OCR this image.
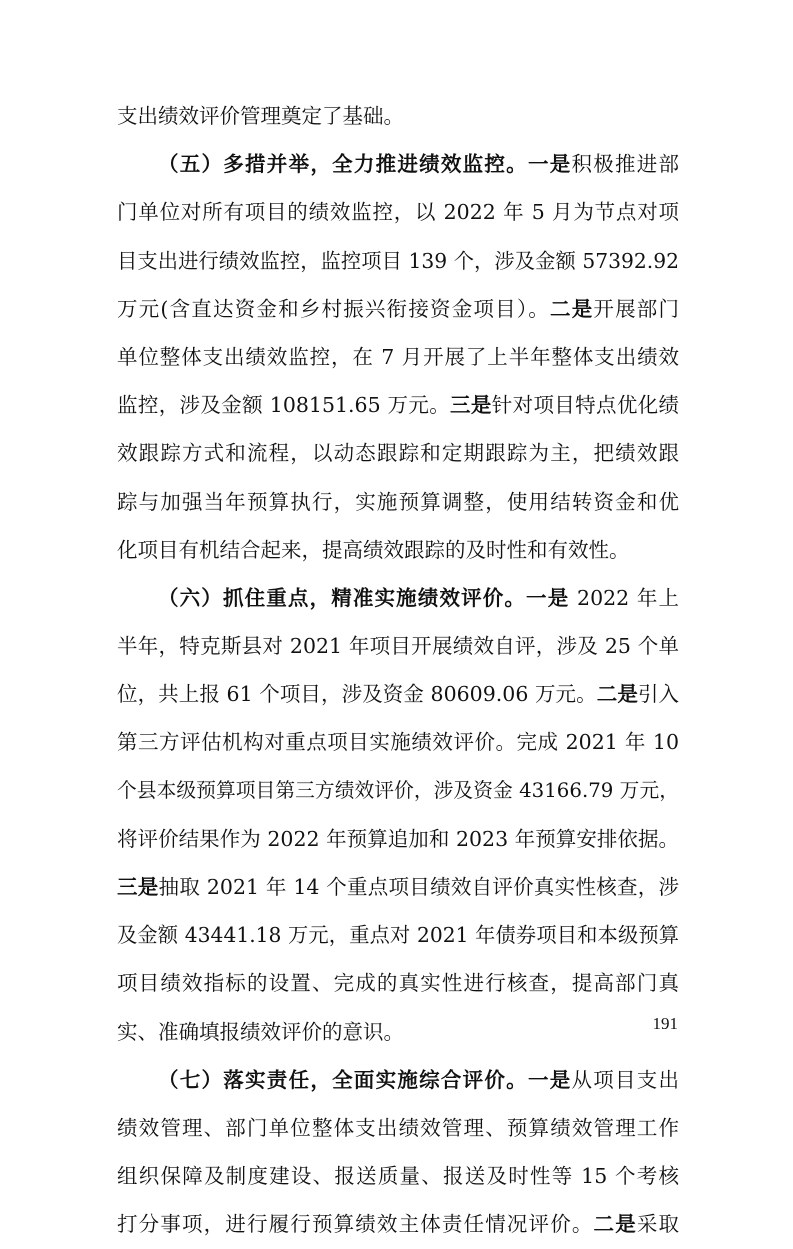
支出绩效评价管理奠定了基础。
（五）多措并举，全力推进绩效监控。一是积极推进部
门单位对所有项目的绩效监控，以 2022 年 5 月为节点对项
目支出进行绩效监控，监控项目 139 个，涉及金额 57392.92
万元(含直达资金和乡村振兴衔接资金项目）。二是开展部门
单位整体支出绩效监控，在 7 月开展了上半年整体支出绩效
监控，涉及金额 108151.65 万元。三是针对项目特点优化绩
效跟踪方式和流程，以动态跟踪和定期跟踪为主，把绩效跟
踪与加强当年预算执行，实施预算调整，使用结转资金和优
化项目有机结合起来，提高绩效跟踪的及时性和有效性。
（六）抓住重点，精准实施绩效评价。一是 2022 年上
半年，特克斯县对 2021 年项目开展绩效自评，涉及 25 个单
位，共上报 61 个项目，涉及资金 80609.06 万元。二是引入
第三方评估机构对重点项目实施绩效评价。完成 2021 年 10
个县本级预算项目第三方绩效评价，涉及资金 43166.79 万元，
将评价结果作为 2022 年预算追加和 2023 年预算安排依据。
三是抽取 2021 年 14 个重点项目绩效自评价真实性核查，涉
及金额 43441.18 万元，重点对 2021 年债券项目和本级预算
项目绩效指标的设置、完成的真实性进行核查，提高部门真
实、准确填报绩效评价的意识。
（七）落实责任，全面实施综合评价。一是从项目支出
绩效管理、部门单位整体支出绩效管理、预算绩效管理工作
组织保障及制度建设、报送质量、报送及时性等 15 个考核
打分事项，进行履行预算绩效主体责任情况评价。二是采取
191
